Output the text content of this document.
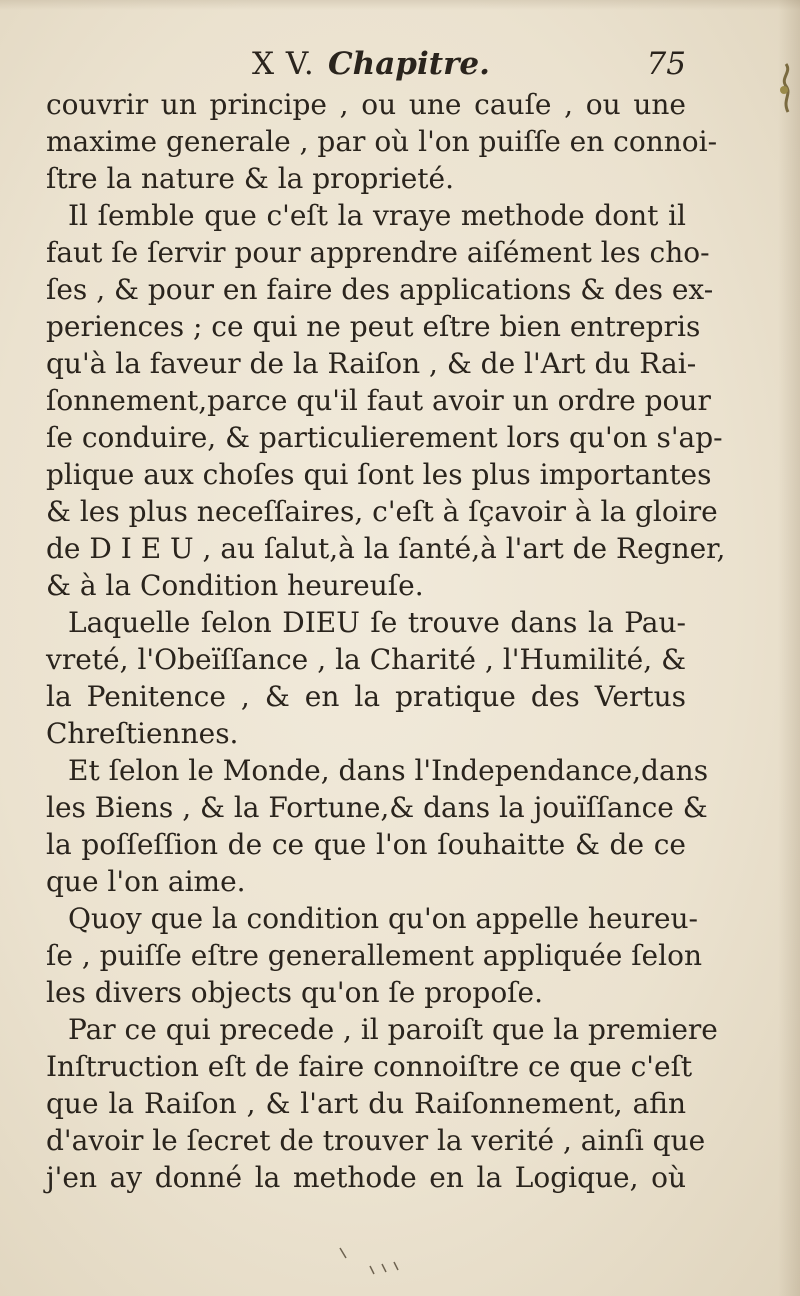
X V. Chapitre.	75
couvrir un principe , ou une cauſe , ou une
maxime generale , par où l'on puiſſe en connoi-
ſtre la nature & la proprieté.
Il ſemble que c'eſt la vraye methode dont il
faut ſe ſervir pour apprendre aiſément les cho-
ſes , & pour en faire des applications & des ex-
periences ; ce qui ne peut eſtre bien entrepris
qu'à la faveur de la Raiſon , & de l'Art du Rai-
ſonnement,parce qu'il faut avoir un ordre pour
ſe conduire, & particulierement lors qu'on s'ap-
plique aux choſes qui ſont les plus importantes
& les plus neceſſaires, c'eſt à ſçavoir à la gloire
de D I E U , au ſalut,à la ſanté,à l'art de Regner,
& à la Condition heureuſe.
Laquelle ſelon DIEU ſe trouve dans la Pau-
vreté, l'Obeïſſance , la Charité , l'Humilité, &
la Penitence , & en la pratique des Vertus
Chreſtiennes.
Et ſelon le Monde, dans l'Independance,dans
les Biens , & la Fortune,& dans la jouïſſance &
la poſſeſſion de ce que l'on ſouhaitte & de ce
que l'on aime.
Quoy que la condition qu'on appelle heureu-
ſe , puiſſe eſtre generallement appliquée ſelon
les divers objects qu'on ſe propoſe.
Par ce qui precede , il paroiſt que la premiere
Inſtruction eſt de faire connoiſtre ce que c'eſt
que la Raiſon , & l'art du Raiſonnement, afin
d'avoir le ſecret de trouver la verité , ainſi que
j'en ay donné la methode en la Logique, où
